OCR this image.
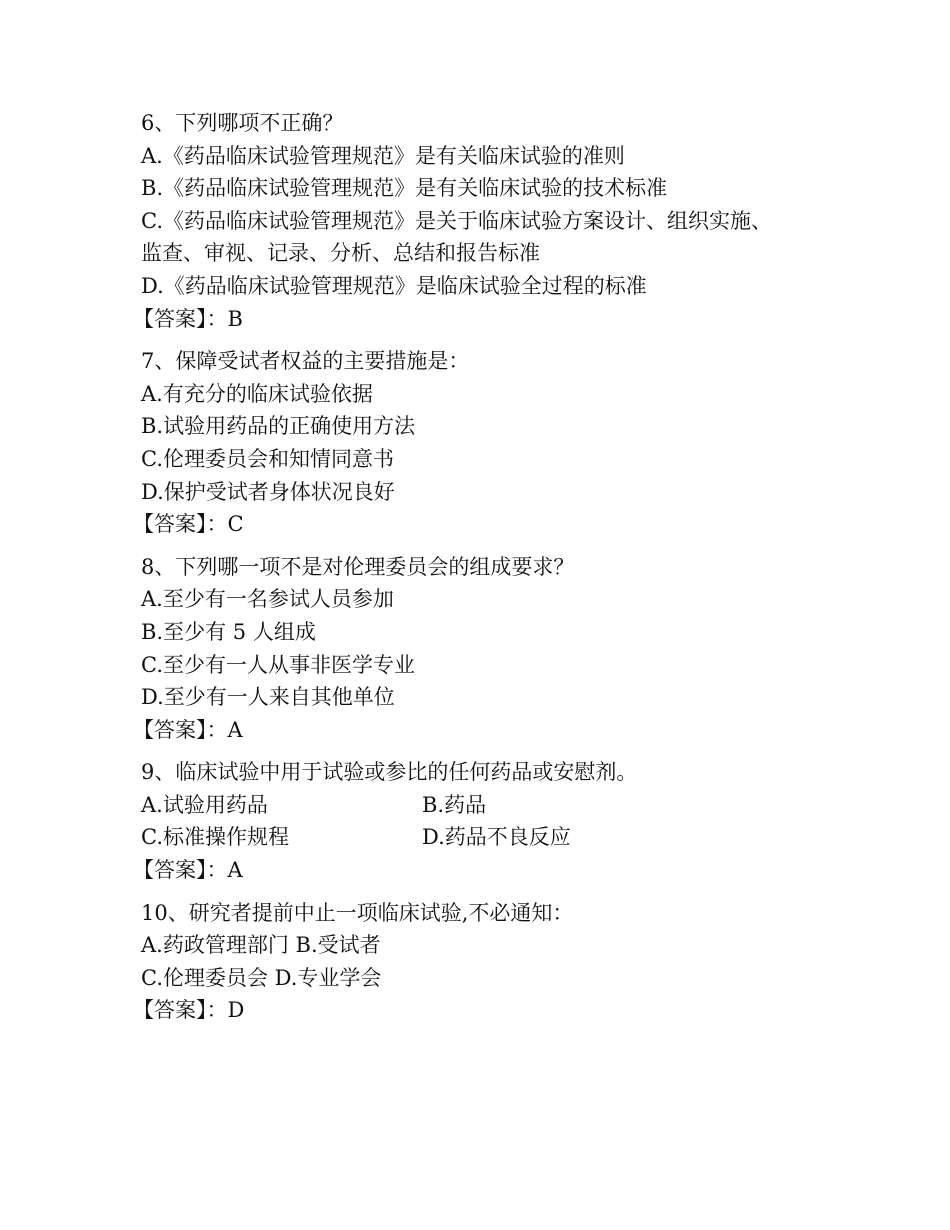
6、下列哪项不正确？
A.《药品临床试验管理规范》是有关临床试验的准则
B.《药品临床试验管理规范》是有关临床试验的技术标准
C.《药品临床试验管理规范》是关于临床试验方案设计、组织实施、
监查、审视、记录、分析、总结和报告标准
D.《药品临床试验管理规范》是临床试验全过程的标准
【答案】：B
7、保障受试者权益的主要措施是：
A.有充分的临床试验依据
B.试验用药品的正确使用方法
C.伦理委员会和知情同意书
D.保护受试者身体状况良好
【答案】：C
8、下列哪一项不是对伦理委员会的组成要求？
A.至少有一名参试人员参加
B.至少有 5 人组成
C.至少有一人从事非医学专业
D.至少有一人来自其他单位
【答案】：A
9、临床试验中用于试验或参比的任何药品或安慰剂。
A.试验用药品	B.药品
C.标准操作规程	D.药品不良反应
【答案】：A
10、研究者提前中止一项临床试验,不必通知：
A.药政管理部门 B.受试者
C.伦理委员会 D.专业学会
【答案】：D
